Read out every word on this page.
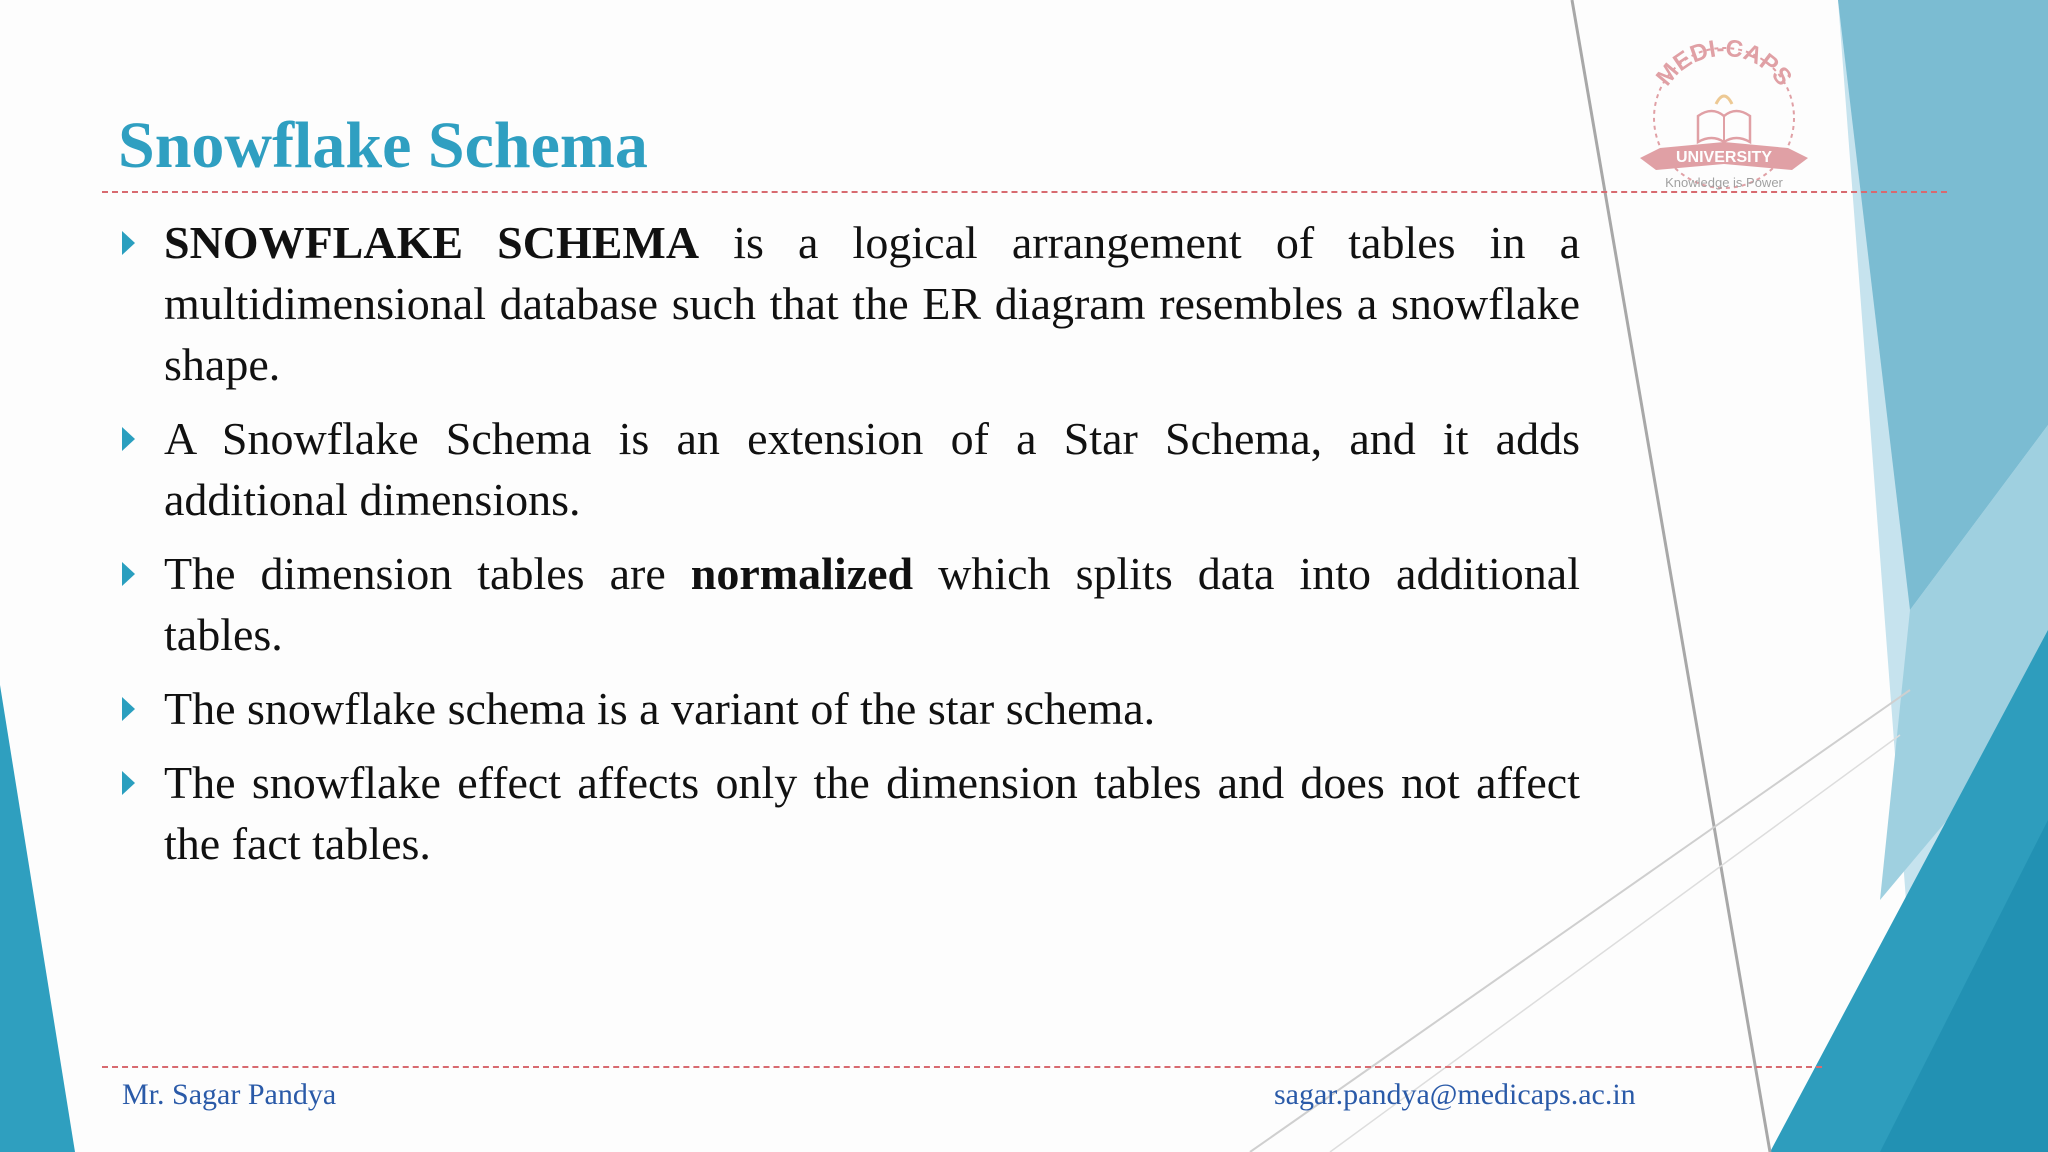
MEDI-CAPS
UNIVERSITY
Knowledge is Power
Snowflake Schema
SNOWFLAKE SCHEMA is a logical arrangement of tables in a multidimensional database such that the ER diagram resembles a snowflake shape.
A Snowflake Schema is an extension of a Star Schema, and it adds additional dimensions.
The dimension tables are normalized which splits data into additional tables.
The snowflake schema is a variant of the star schema.
The snowflake effect affects only the dimension tables and does not affect the fact tables.
Mr. Sagar Pandya	sagar.pandya@medicaps.ac.in
